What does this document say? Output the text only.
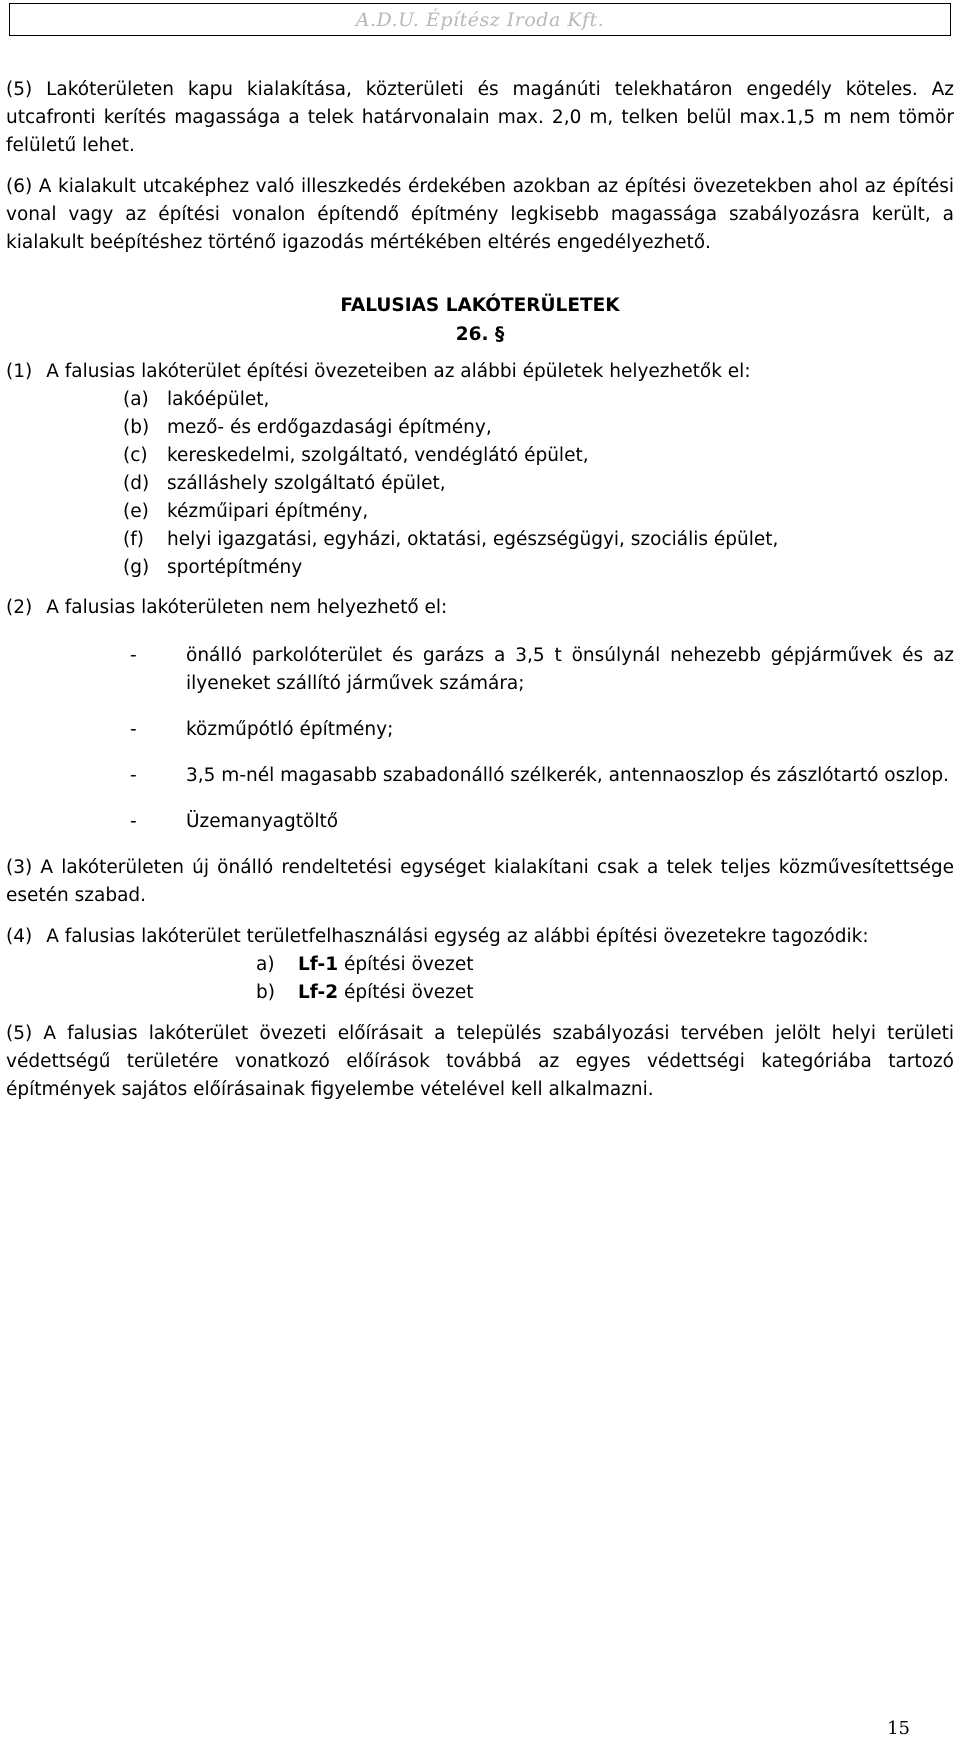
A.D.U. Építész Iroda Kft.

(5) Lakóterületen kapu kialakítása, közterületi és magánúti telekhatáron engedély köteles. Az utcafronti kerítés magassága a telek határvonalain max. 2,0 m, telken belül max.1,5 m nem tömör felületű lehet.

(6) A kialakult utcaképhez való illeszkedés érdekében azokban az építési övezetekben ahol az építési vonal vagy az építési vonalon építendő építmény legkisebb magassága szabályozásra került, a kialakult beépítéshez történő igazodás mértékében eltérés engedélyezhető.

FALUSIAS LAKÓTERÜLETEK
26. §

(1) A falusias lakóterület építési övezeteiben az alábbi épületek helyezhetők el:

(a) lakóépület,
(b) mező- és erdőgazdasági építmény,
(c)	kereskedelmi, szolgáltató, vendéglátó épület,
(d) szálláshely szolgáltató épület,
(e) kézműipari építmény,
(f)	helyi igazgatási, egyházi, oktatási, egészségügyi, szociális épület,
(g) sportépítmény

(2) A falusias lakóterületen nem helyezhető el:

-	önálló parkolóterület és garázs a 3,5 t önsúlynál nehezebb gépjárművek és az ilyeneket szállító járművek számára;
-	közműpótló építmény;
-	3,5 m-nél magasabb szabadonálló szélkerék, antennaoszlop és zászlótartó oszlop.
-	Üzemanyagtöltő

(3) A lakóterületen új önálló rendeltetési egységet kialakítani csak a telek teljes közművesítettsége esetén szabad.

(4) A falusias lakóterület területfelhasználási egység az alábbi építési övezetekre tagozódik:

a)	Lf-1
építési övezet
b)	Lf-2
építési övezet

(5) A falusias lakóterület övezeti előírásait a település szabályozási tervében jelölt helyi területi védettségű területére vonatkozó előírások továbbá az egyes védettségi kategóriába tartozó építmények sajátos előírásainak figyelembe vételével kell alkalmazni.

15
